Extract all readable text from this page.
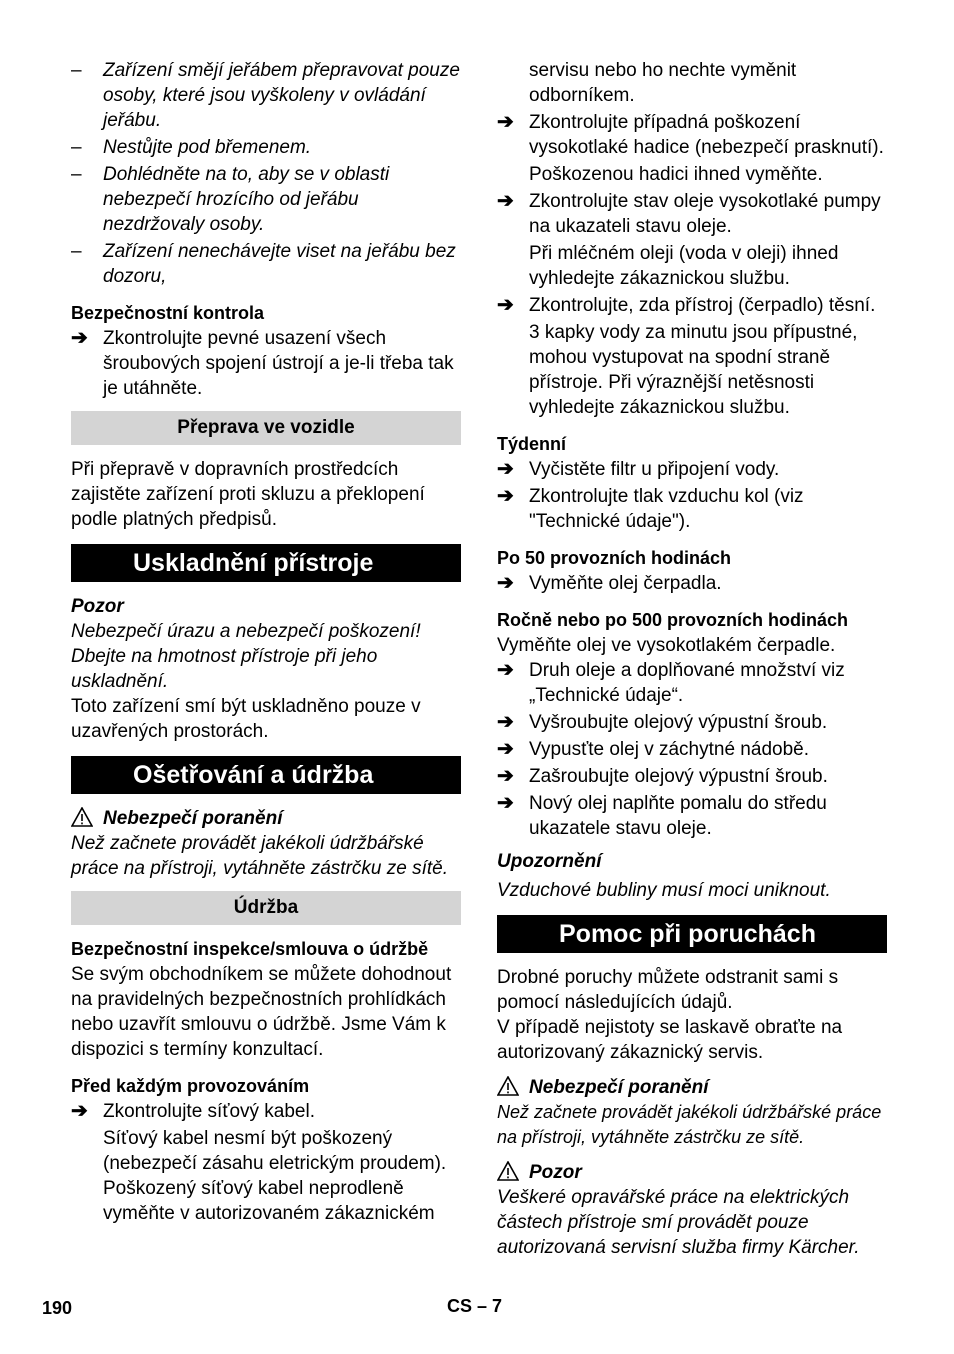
–	Zařízení smějí jeřábem přepravovat pouze osoby, které jsou vyškoleny v ovládání jeřábu.
–	Nestůjte pod břemenem.
–	Dohlédněte na to, aby se v oblasti nebezpečí hrozícího od jeřábu nezdržovaly osoby.
–	Zařízení nenechávejte viset na jeřábu bez dozoru,
Bezpečnostní kontrola
➔ Zkontrolujte pevné usazení všech šroubových spojení ústrojí a je-li třeba tak je utáhněte.
Přeprava ve vozidle

Při přepravě v dopravních prostředcích zajistěte zařízení proti skluzu a překlopení podle platných předpisů.

Uskladnění přístroje
Pozor

Nebezpečí úrazu a nebezpečí poškození! Dbejte na hmotnost přístroje při jeho uskladnění.

Toto zařízení smí být uskladněno pouze v uzavřených prostorách.

Ošetřování a údržba
Nebezpečí poranění

Než začnete provádět jakékoli údržbářské práce na přístroji, vytáhněte zástrčku ze sítě.

Údržba
Bezpečnostní inspekce/smlouva o údržbě

Se svým obchodníkem se můžete dohodnout na pravidelných bezpečnostních prohlídkách nebo uzavřít smlouvu o údržbě. Jsme Vám k dispozici s termíny konzultací.

Před každým provozováním
➔ Zkontrolujte síťový kabel.

Síťový kabel nesmí být poškozený (nebezpečí zásahu eletrickým proudem). Poškozený síťový kabel neprodleně vyměňte v autorizovaném zákaznickém

servisu nebo ho nechte vyměnit odborníkem.

➔ Zkontrolujte případná poškození vysokotlaké hadice (nebezpečí prasknutí).

Poškozenou hadici ihned vyměňte.

➔ Zkontrolujte stav oleje vysokotlaké pumpy na ukazateli stavu oleje.

Při mléčném oleji (voda v oleji) ihned vyhledejte zákaznickou službu.

➔ Zkontrolujte, zda přístroj (čerpadlo) těsní.

3 kapky vody za minutu jsou přípustné, mohou vystupovat na spodní straně přístroje. Při výraznější netěsnosti vyhledejte zákaznickou službu.

Týdenní
➔ Vyčistěte filtr u připojení vody.
➔ Zkontrolujte tlak vzduchu kol (viz "Technické údaje").
Po 50 provozních hodinách
➔ Vyměňte olej čerpadla.
Ročně nebo po 500 provozních hodinách

Vyměňte olej ve vysokotlakém čerpadle.

➔ Druh oleje a doplňované množství viz „Technické údaje“.
➔ Vyšroubujte olejový výpustní šroub.
➔ Vypusťte olej v záchytné nádobě.
➔ Zašroubujte olejový výpustní šroub.
➔ Nový olej naplňte pomalu do středu ukazatele stavu oleje.
Upozornění

Vzduchové bubliny musí moci uniknout.

Pomoc při poruchách

Drobné poruchy můžete odstranit sami s pomocí následujících údajů.

V případě nejistoty se laskavě obraťte na autorizovaný zákaznický servis.

Nebezpečí poranění

Než začnete provádět jakékoli údržbářské práce na přístroji, vytáhněte zástrčku ze sítě.

Pozor

Veškeré opravářské práce na elektrických částech přístroje smí provádět pouze autorizovaná servisní služba firmy Kärcher.

190	CS – 7
